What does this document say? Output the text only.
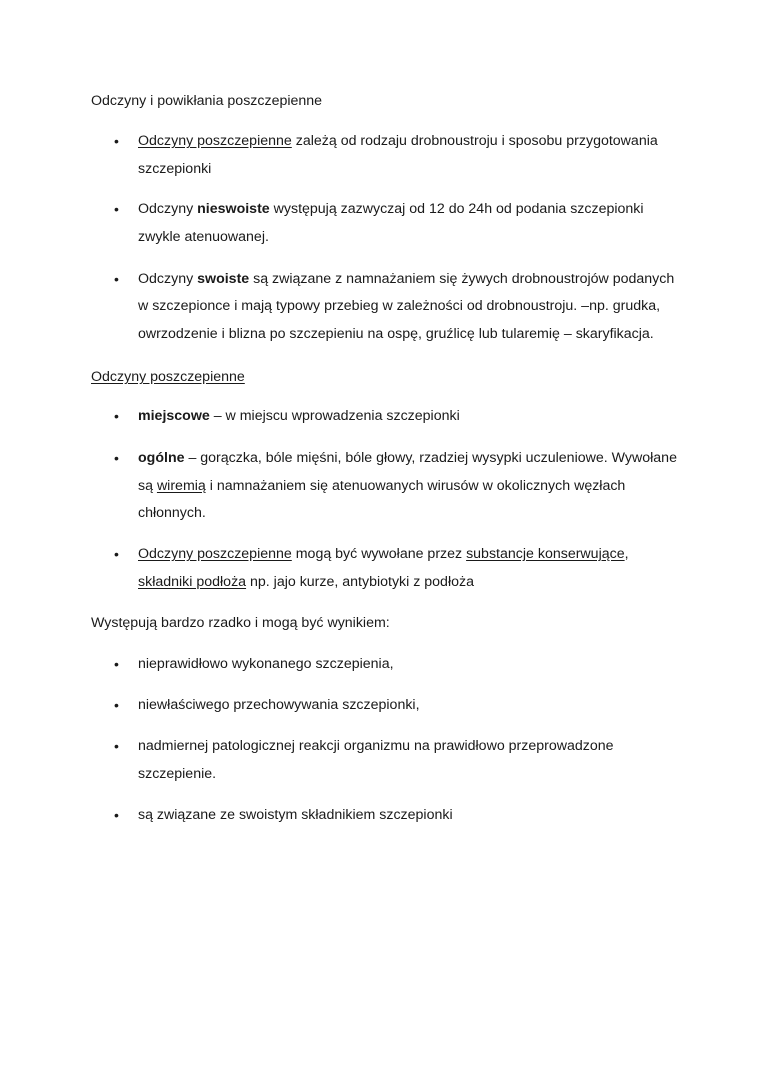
Odczyny i powikłania poszczepienne
• Odczyny poszczepienne zależą od rodzaju drobnoustroju i sposobu przygotowania
szczepionki
• Odczyny nieswoiste występują zazwyczaj od 12 do 24h od podania szczepionki
zwykle atenuowanej.
• Odczyny swoiste są związane z namnażaniem się żywych drobnoustrojów podanych
w szczepionce i mają typowy przebieg w zależności od drobnoustroju. –np. grudka,
owrzodzenie i blizna po szczepieniu na ospę, gruźlicę lub tularemię – skaryfikacja.
Odczyny poszczepienne
• miejscowe – w miejscu wprowadzenia szczepionki
• ogólne – gorączka, bóle mięśni, bóle głowy, rzadziej wysypki uczuleniowe. Wywołane
są wiremią i namnażaniem się atenuowanych wirusów w okolicznych węzłach
chłonnych.
• Odczyny poszczepienne mogą być wywołane przez substancje konserwujące,
składniki podłoża np. jajo kurze, antybiotyki z podłoża
Występują bardzo rzadko i mogą być wynikiem:
• nieprawidłowo wykonanego szczepienia,
• niewłaściwego przechowywania szczepionki,
• nadmiernej patologicznej reakcji organizmu na prawidłowo przeprowadzone
szczepienie.
• są związane ze swoistym składnikiem szczepionki
